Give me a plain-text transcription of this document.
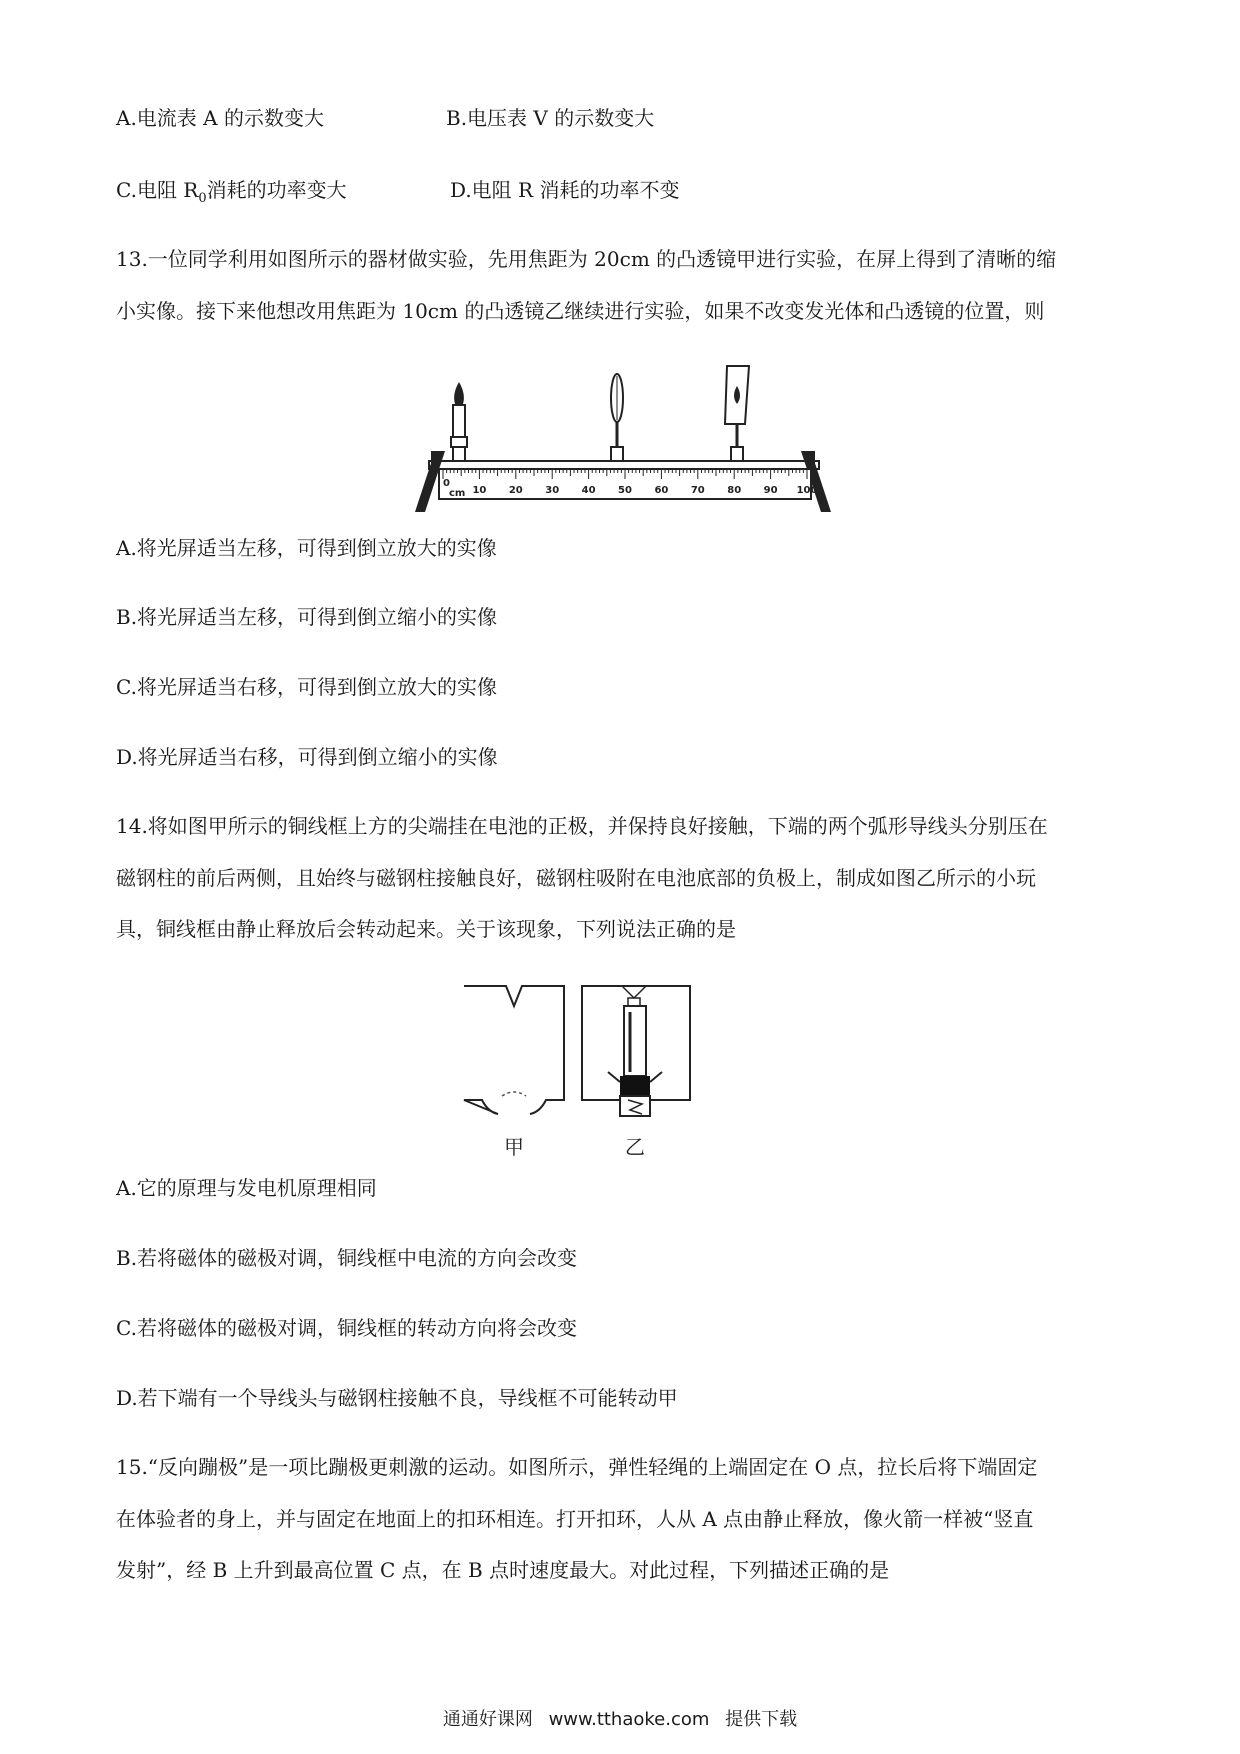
A.电流表 A 的示数变大	B.电压表 V 的示数变大
C.电阻 $R_0$消耗的功率变大	D.电阻 R 消耗的功率不变
13.一位同学利用如图所示的器材做实验，先用焦距为 20cm 的凸透镜甲进行实验，在屏上得到了清晰的缩
小实像。接下来他想改用焦距为 10cm 的凸透镜乙继续进行实验，如果不改变发光体和凸透镜的位置，则
cm 10 20 30 40 50 60 70 80 90 100
0
A.将光屏适当左移，可得到倒立放大的实像
B.将光屏适当左移，可得到倒立缩小的实像
C.将光屏适当右移，可得到倒立放大的实像
D.将光屏适当右移，可得到倒立缩小的实像
14.将如图甲所示的铜线框上方的尖端挂在电池的正极，并保持良好接触，下端的两个弧形导线头分别压在
磁钢柱的前后两侧，且始终与磁钢柱接触良好，磁钢柱吸附在电池底部的负极上，制成如图乙所示的小玩
具，铜线框由静止释放后会转动起来。关于该现象，下列说法正确的是
甲	乙
A.它的原理与发电机原理相同
B.若将磁体的磁极对调，铜线框中电流的方向会改变
C.若将磁体的磁极对调，铜线框的转动方向将会改变
D.若下端有一个导线头与磁钢柱接触不良，导线框不可能转动甲
15.“反向蹦极”是一项比蹦极更刺激的运动。如图所示，弹性轻绳的上端固定在 O 点，拉长后将下端固定
在体验者的身上，并与固定在地面上的扣环相连。打开扣环，人从 A 点由静止释放，像火箭一样被“竖直
发射”，经 B 上升到最高位置 C 点，在 B 点时速度最大。对此过程，下列描述正确的是
通通好课网 www.tthaoke.com 提供下载
